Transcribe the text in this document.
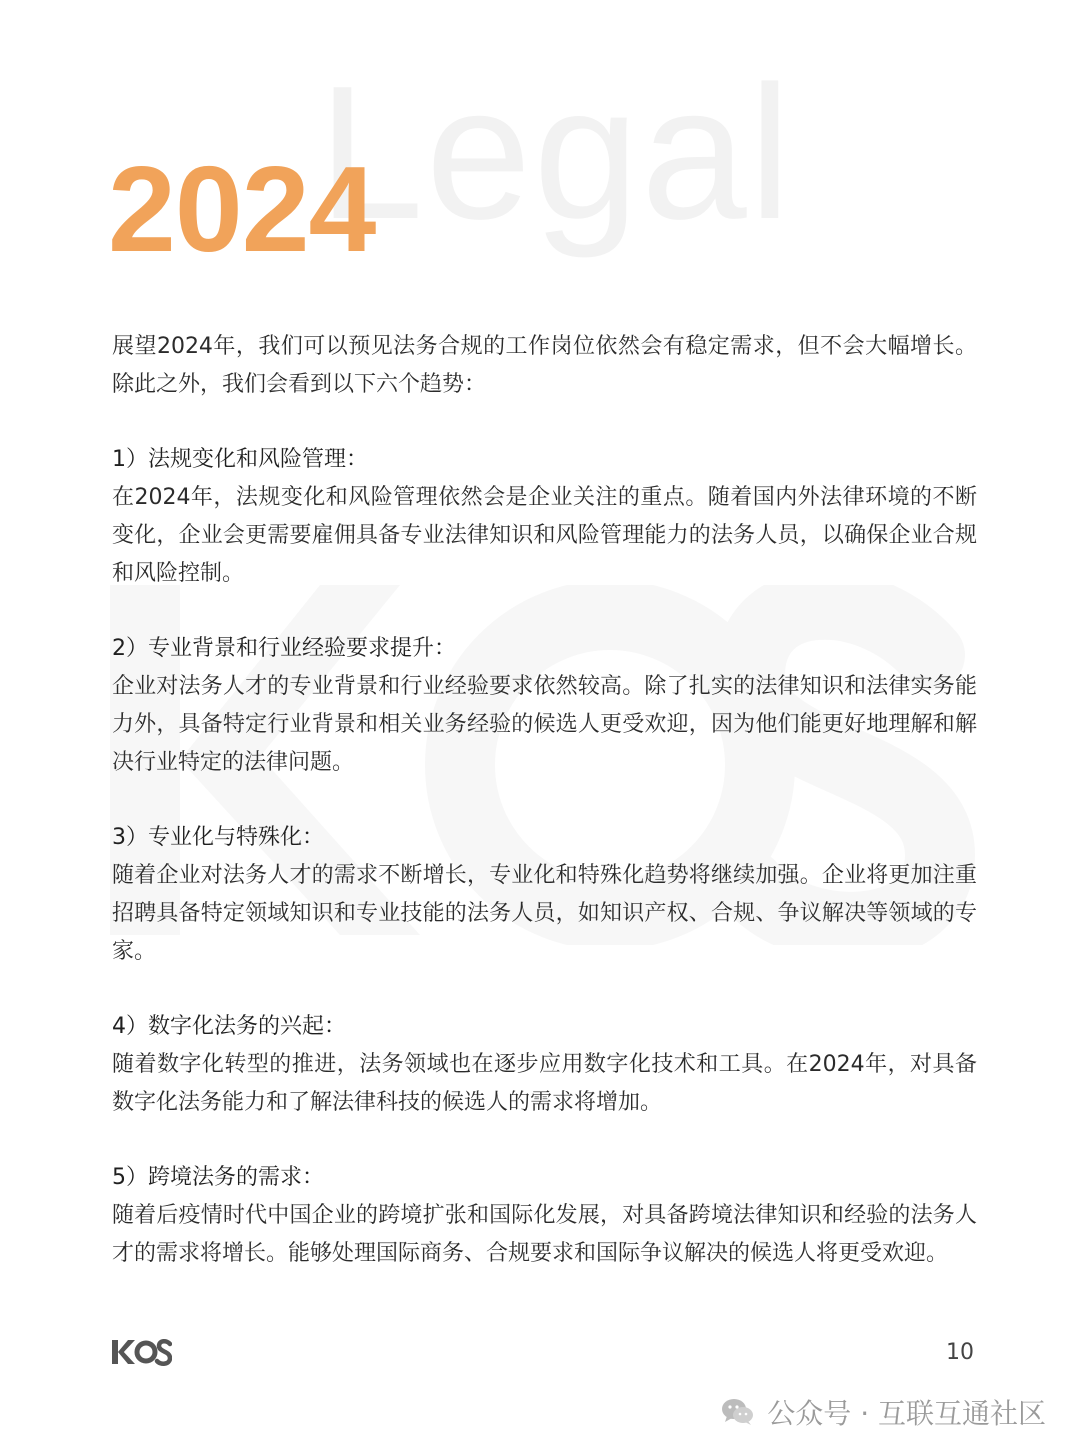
Legal
2024

展望2024年，我们可以预见法务合规的工作岗位依然会有稳定需求，但不会大幅增长。除此之外，我们会看到以下六个趋势：

1）法规变化和风险管理：

在2024年，法规变化和风险管理依然会是企业关注的重点。随着国内外法律环境的不断变化，企业会更需要雇佣具备专业法律知识和风险管理能力的法务人员，以确保企业合规和风险控制。

2）专业背景和行业经验要求提升：

企业对法务人才的专业背景和行业经验要求依然较高。除了扎实的法律知识和法律实务能力外，具备特定行业背景和相关业务经验的候选人更受欢迎，因为他们能更好地理解和解决行业特定的法律问题。

3）专业化与特殊化：

随着企业对法务人才的需求不断增长，专业化和特殊化趋势将继续加强。企业将更加注重招聘具备特定领域知识和专业技能的法务人员，如知识产权、合规、争议解决等领域的专家。

4）数字化法务的兴起：

随着数字化转型的推进，法务领域也在逐步应用数字化技术和工具。在2024年，对具备数字化法务能力和了解法律科技的候选人的需求将增加。

5）跨境法务的需求：

随着后疫情时代中国企业的跨境扩张和国际化发展，对具备跨境法律知识和经验的法务人才的需求将增长。能够处理国际商务、合规要求和国际争议解决的候选人将更受欢迎。

10
公众号 · 互联互通社区
